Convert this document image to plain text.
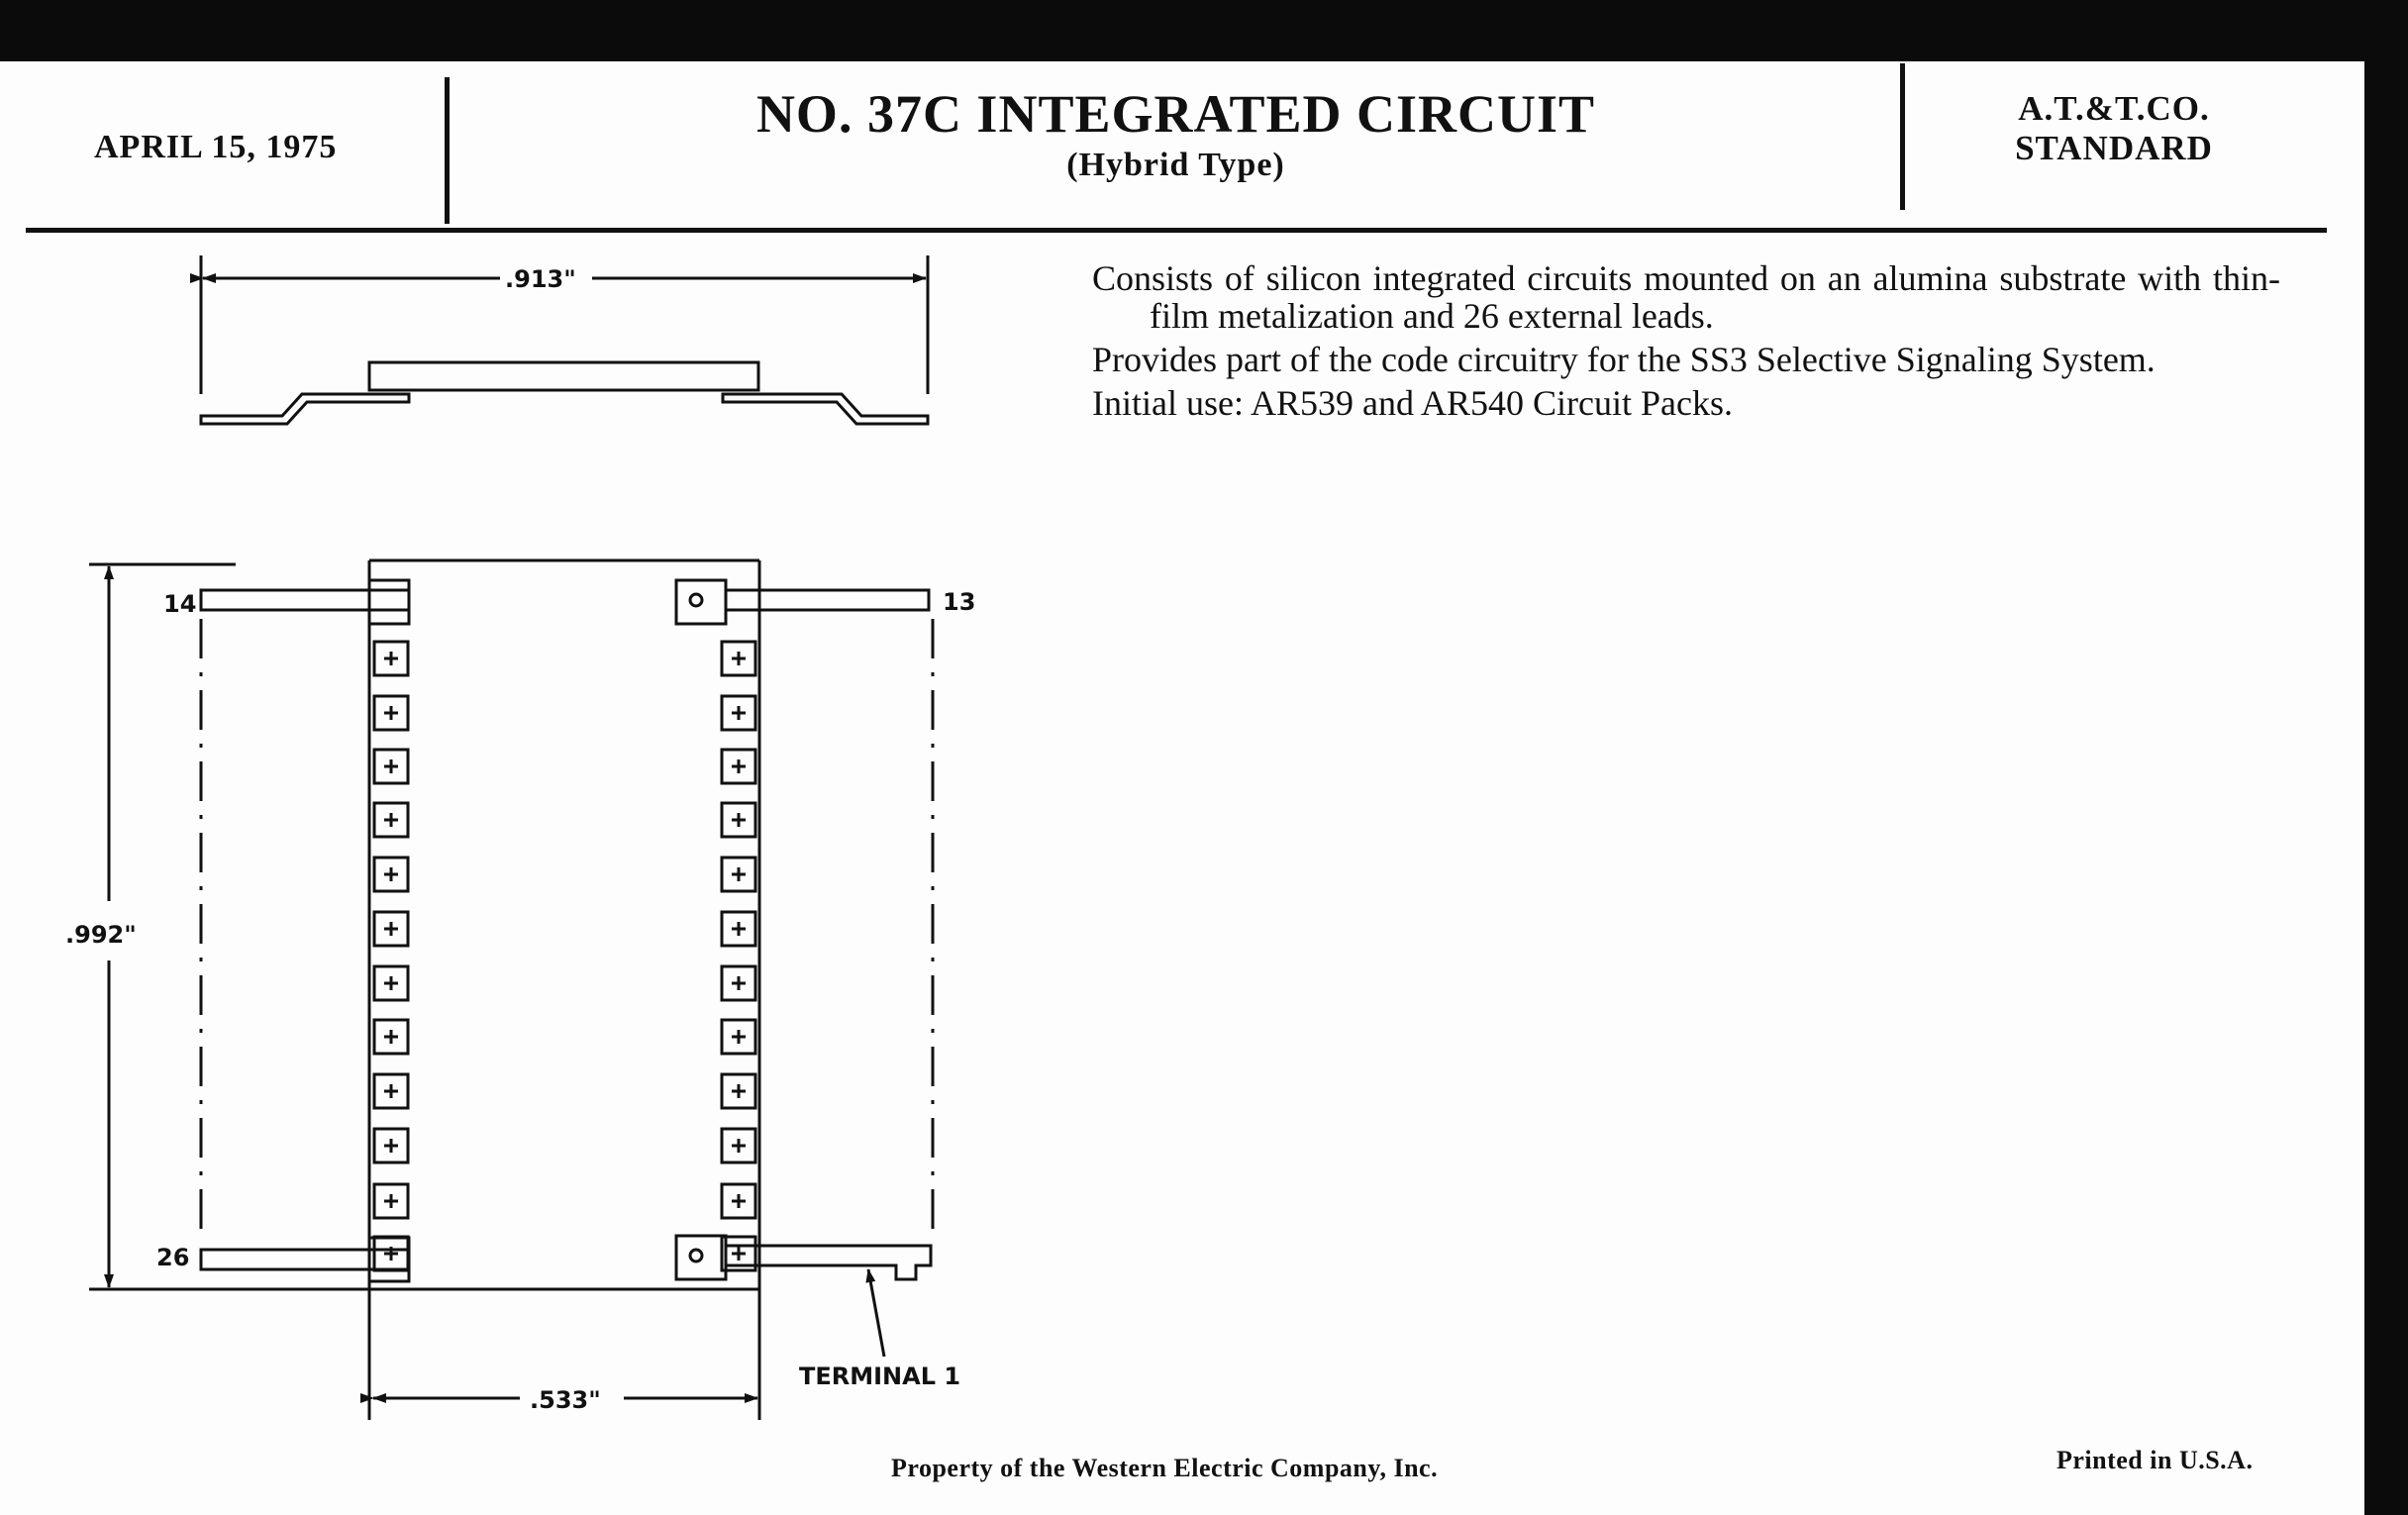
APRIL 15, 1975
NO. 37C INTEGRATED CIRCUIT
(Hybrid Type)
A.T.&T.CO.
STANDARD

Consists of silicon integrated circuits mounted on an alumina substrate with thin-film metalization and 26 external leads.

Provides part of the code circuitry for the SS3 Selective Signaling System.

Initial use: AR539 and AR540 Circuit Packs.

.913"
.992"
.533"
14	13
26
TERMINAL 1
Property of the Western Electric Company, Inc.	Printed in U.S.A.
